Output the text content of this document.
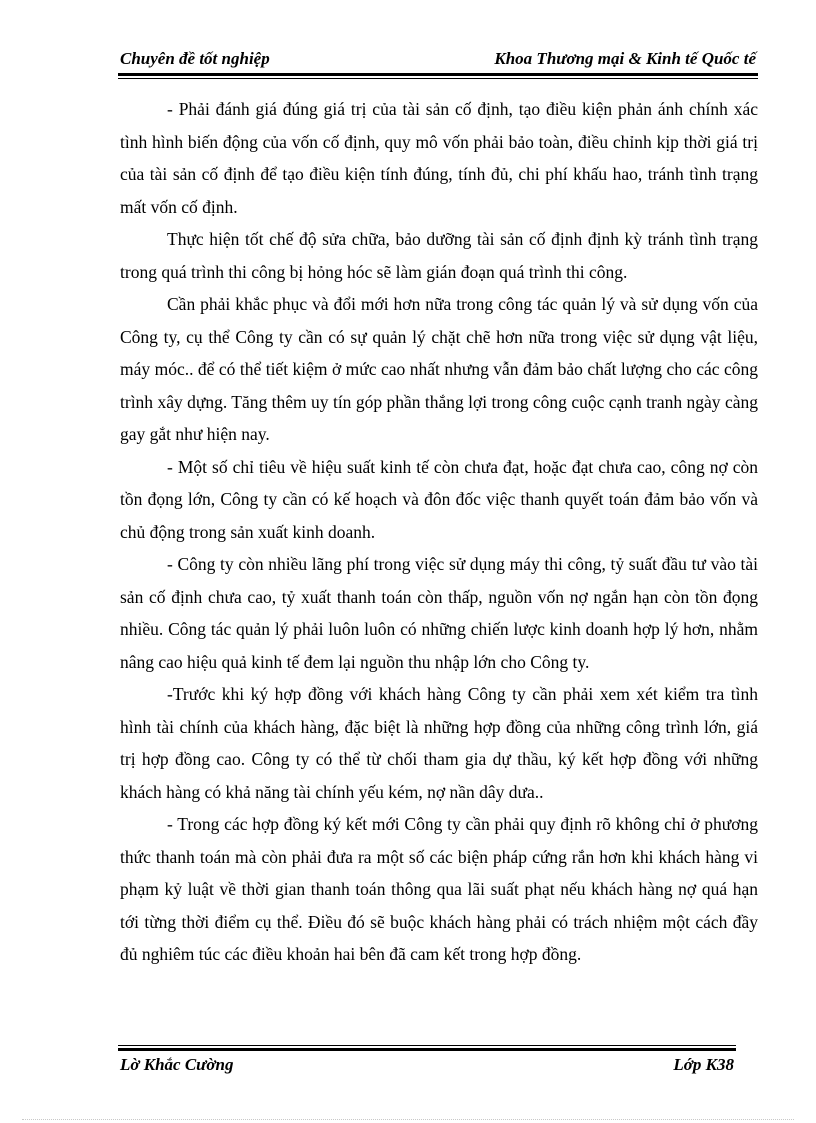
Chuyên đề tốt nghiệp	Khoa Thương mại & Kinh tế Quốc tế

- Phải đánh giá đúng giá trị của tài sản cố định, tạo điều kiện phản ánh chính xác tình hình biến động của vốn cố định, quy mô vốn phải bảo toàn, điều chỉnh kịp thời giá trị của tài sản cố định để tạo điều kiện tính đúng, tính đủ, chi phí khấu hao, tránh tình trạng mất vốn cố định.

Thực hiện tốt chế độ sửa chữa, bảo dưỡng tài sản cố định định kỳ tránh tình trạng trong quá trình thi công bị hỏng hóc sẽ làm gián đoạn quá trình thi công.

Cần phải khắc phục và đổi mới hơn nữa trong công tác quản lý và sử dụng vốn của Công ty, cụ thể Công ty cần có sự quản lý chặt chẽ hơn nữa trong việc sử dụng vật liệu, máy móc.. để có thể tiết kiệm ở mức cao nhất nhưng vẫn đảm bảo chất lượng cho các công trình xây dựng. Tăng thêm uy tín góp phần thắng lợi trong công cuộc cạnh tranh ngày càng gay gắt như hiện nay.

- Một số chỉ tiêu về hiệu suất kinh tế còn chưa đạt, hoặc đạt chưa cao, công nợ còn tồn đọng lớn, Công ty cần có kế hoạch và đôn đốc việc thanh quyết toán đảm bảo vốn và chủ động trong sản xuất kinh doanh.

- Công ty còn nhiều lãng phí trong việc sử dụng máy thi công, tỷ suất đầu tư vào tài sản cố định chưa cao, tỷ xuất thanh toán còn thấp, nguồn vốn nợ ngắn hạn còn tồn đọng nhiều. Công tác quản lý phải luôn luôn có những chiến lược kinh doanh hợp lý hơn, nhằm nâng cao hiệu quả kinh tế đem lại nguồn thu nhập lớn cho Công ty.

-Trước khi ký hợp đồng với khách hàng Công ty cần phải xem xét kiểm tra tình hình tài chính của khách hàng, đặc biệt là những hợp đồng của những công trình lớn, giá trị hợp đồng cao. Công ty có thể từ chối tham gia dự thầu, ký kết hợp đồng với những khách hàng có khả năng tài chính yếu kém, nợ nần dây dưa..

- Trong các hợp đồng ký kết mới Công ty cần phải quy định rõ không chỉ ở phương thức thanh toán mà còn phải đưa ra một số các biện pháp cứng rắn hơn khi khách hàng vi phạm kỷ luật về thời gian thanh toán thông qua lãi suất phạt nếu khách hàng nợ quá hạn tới từng thời điểm cụ thể. Điều đó sẽ buộc khách hàng phải có trách nhiệm một cách đầy đủ nghiêm túc các điều khoản hai bên đã cam kết trong hợp đồng.

Lờ Khắc Cường	Lớp K38
